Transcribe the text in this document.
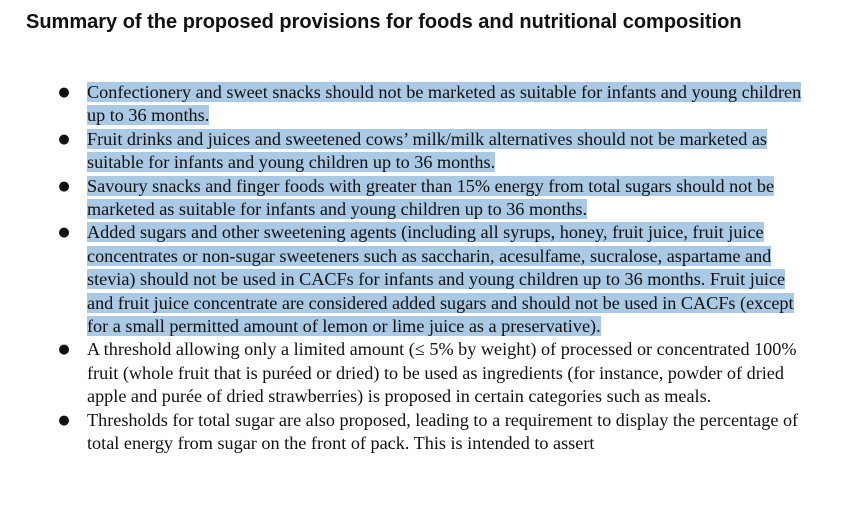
Summary of the proposed provisions for foods and nutritional composition
● Confectionery and sweet snacks should not be marketed as suitable for infants and young children up to 36 months.
● Fruit drinks and juices and sweetened cows’ milk/milk alternatives should not be marketed as suitable for infants and young children up to 36 months.
● Savoury snacks and finger foods with greater than 15% energy from total sugars should not be marketed as suitable for infants and young children up to 36 months.
● Added sugars and other sweetening agents (including all syrups, honey, fruit juice, fruit juice concentrates or non-sugar sweeteners such as saccharin, acesulfame, sucralose, aspartame and stevia) should not be used in CACFs for infants and young children up to 36 months. Fruit juice and fruit juice concentrate are considered added sugars and should not be used in CACFs (except for a small permitted amount of lemon or lime juice as a preservative).
● A threshold allowing only a limited amount (≤ 5% by weight) of processed or concentrated 100% fruit (whole fruit that is puréed or dried) to be used as ingredients (for instance, powder of dried apple and purée of dried strawberries) is proposed in certain categories such as meals.
● Thresholds for total sugar are also proposed, leading to a requirement to display the percentage of total energy from sugar on the front of pack. This is intended to assert
